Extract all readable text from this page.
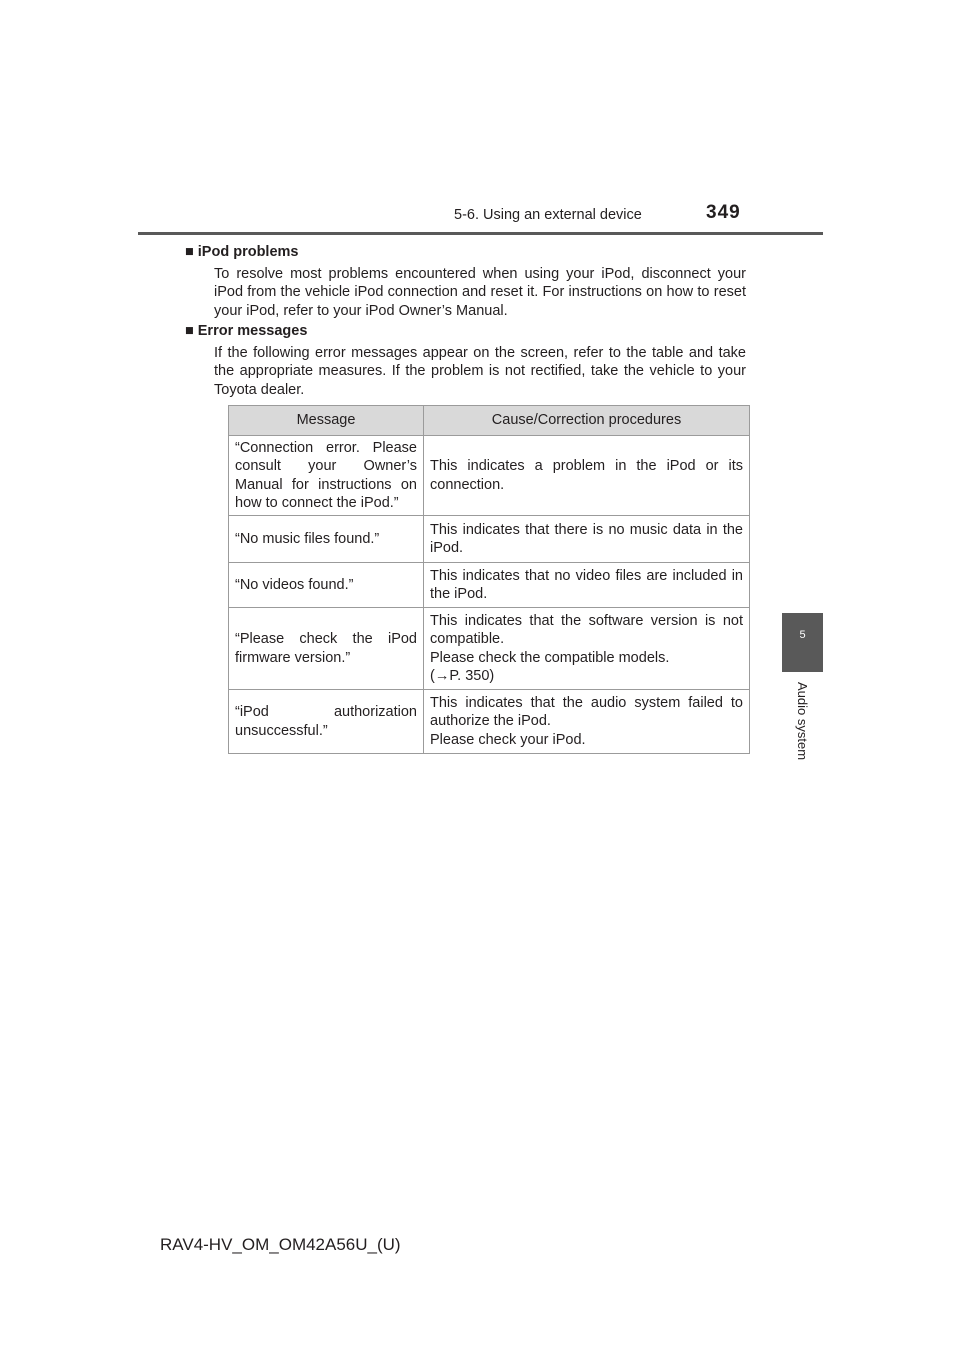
5-6. Using an external device	349
5
Audio system
■ iPod problems
To resolve most problems encountered when using your iPod, disconnect your iPod from the vehicle iPod connection and reset it. For instructions on how to reset your iPod, refer to your iPod Owner’s Manual.
■ Error messages
If the following error messages appear on the screen, refer to the table and take the appropriate measures. If the problem is not rectified, take the vehicle to your Toyota dealer.
Message	Cause/Correction procedures
“Connection error. Please consult your Owner’s Manual for instructions on how to connect the iPod.”	This indicates a problem in the iPod or its connection.

“No music files found.”	This indicates that there is no music data in the iPod.

“No videos found.”	This indicates that no video files are included in the iPod.

“Please check the iPod firmware version.”	This indicates that the software version is not compatible.
Please check the compatible models.
(→P. 350)

“iPod authorization unsuccessful.”	This indicates that the audio system failed to authorize the iPod.
Please check your iPod.
RAV4-HV_OM_OM42A56U_(U)
